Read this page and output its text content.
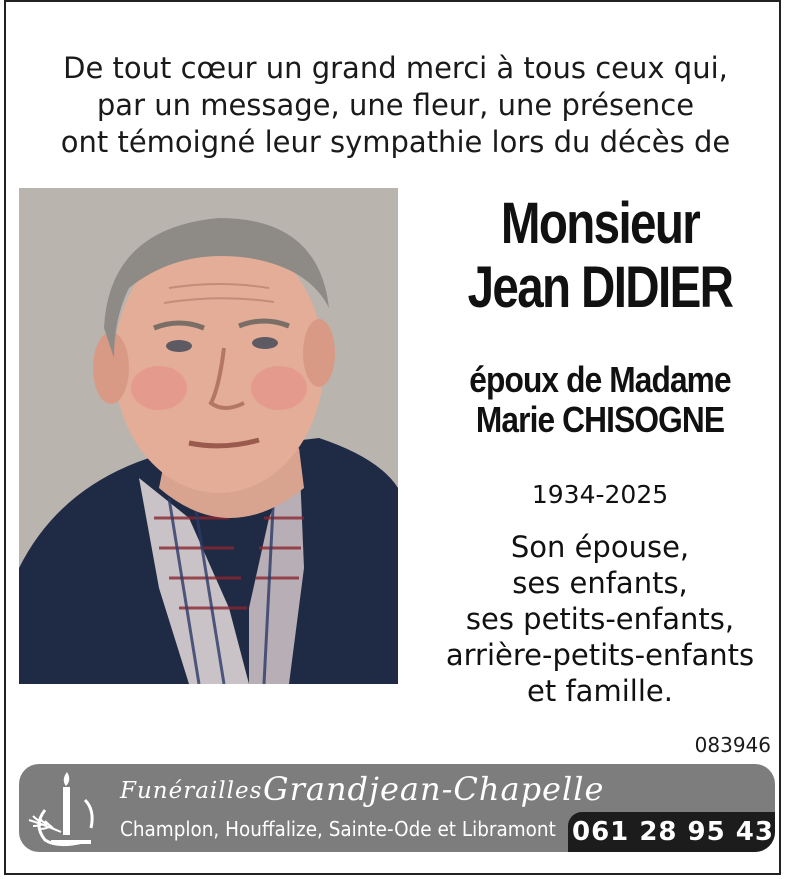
De tout cœur un grand merci à tous ceux qui,
par un message, une fleur, une présence
ont témoigné leur sympathie lors du décès de
Monsieur
Jean DIDIER
époux de Madame
Marie CHISOGNE
1934-2025
Son épouse,
ses enfants,
ses petits-enfants,
arrière-petits-enfants
et famille.
083946
Funérailles Grandjean-Chapelle
Champlon, Houffalize, Sainte-Ode et Libramont 061 28 95 43
